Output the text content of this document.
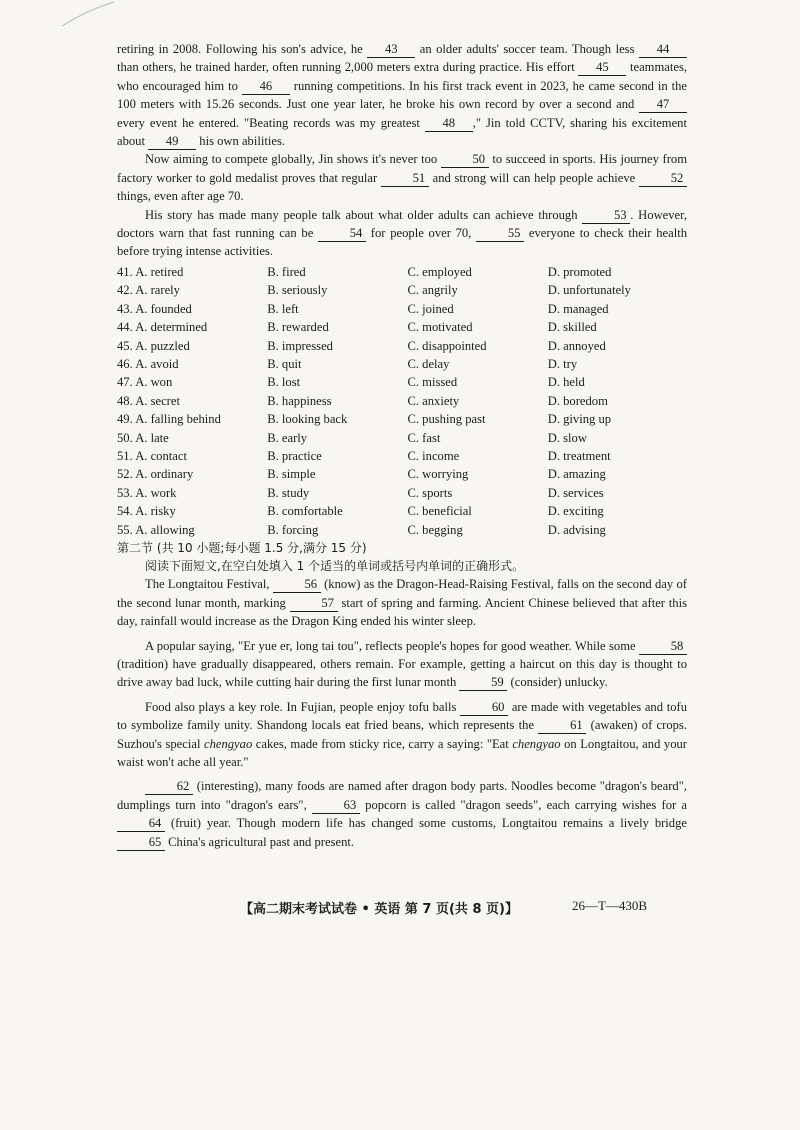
retiring in 2008. Following his son's advice, he 43 an older adults' soccer team. Though less 44 than others, he trained harder, often running 2,000 meters extra during practice. His effort 45 teammates, who encouraged him to 46 running competitions. In his first track event in 2023, he came second in the 100 meters with 15.26 seconds. Just one year later, he broke his own record by over a second and 47 every event he entered. "Beating records was my greatest 48 ," Jin told CCTV, sharing his excitement about 49 his own abilities.

Now aiming to compete globally, Jin shows it's never too	50 to succeed in sports. His journey from factory worker to gold medalist proves that regular	51 and strong will can help people achieve	52 things, even after age 70.

His story has made many people talk about what older adults can achieve through	53 . However, doctors warn that fast running can be	54 for people over 70,	55 everyone to check their health before trying intense activities.

41. A. retired	B. fired	C. employed	D. promoted
42. A. rarely	B. seriously	C. angrily	D. unfortunately
43. A. founded	B. left	C. joined	D. managed
44. A. determined	B. rewarded	C. motivated	D. skilled
45. A. puzzled	B. impressed	C. disappointed	D. annoyed
46. A. avoid	B. quit	C. delay	D. try
47. A. won	B. lost	C. missed	D. held
48. A. secret	B. happiness	C. anxiety	D. boredom
49. A. falling behind	B. looking back	C. pushing past	D. giving up
50. A. late	B. early	C. fast	D. slow
51. A. contact	B. practice	C. income	D. treatment
52. A. ordinary	B. simple	C. worrying	D. amazing
53. A. work	B. study	C. sports	D. services
54. A. risky	B. comfortable	C. beneficial	D. exciting
55. A. allowing	B. forcing	C. begging	D. advising

第二节 (共 10 小题;每小题 1.5 分,满分 15 分)

阅读下面短文,在空白处填入 1 个适当的单词或括号内单词的正确形式。

The Longtaitou Festival,	56 (know) as the Dragon-Head-Raising Festival, falls on the second day of the second lunar month, marking	57 start of spring and farming. Ancient Chinese believed that after this day, rainfall would increase as the Dragon King ended his winter sleep.

A popular saying, "Er yue er, long tai tou", reflects people's hopes for good weather. While some	58 (tradition) have gradually disappeared, others remain. For example, getting a haircut on this day is thought to drive away bad luck, while cutting hair during the first lunar month	59 (consider) unlucky.

Food also plays a key role. In Fujian, people enjoy tofu balls	60 are made with vegetables and tofu to symbolize family unity. Shandong locals eat fried beans, which represents the	61 (awaken) of crops. Suzhou's special chengyao cakes, made from sticky rice, carry a saying: "Eat chengyao on Longtaitou, and your waist won't ache all year."

62 (interesting), many foods are named after dragon body parts. Noodles become "dragon's beard", dumplings turn into "dragon's ears",	63 popcorn is called "dragon seeds", each carrying wishes for a 64 (fruit) year. Though modern life has changed some customs, Longtaitou remains a lively bridge 65 China's agricultural past and present.

【高二期末考试试卷 • 英语 第 7 页(共 8 页)】	26—T—430B
